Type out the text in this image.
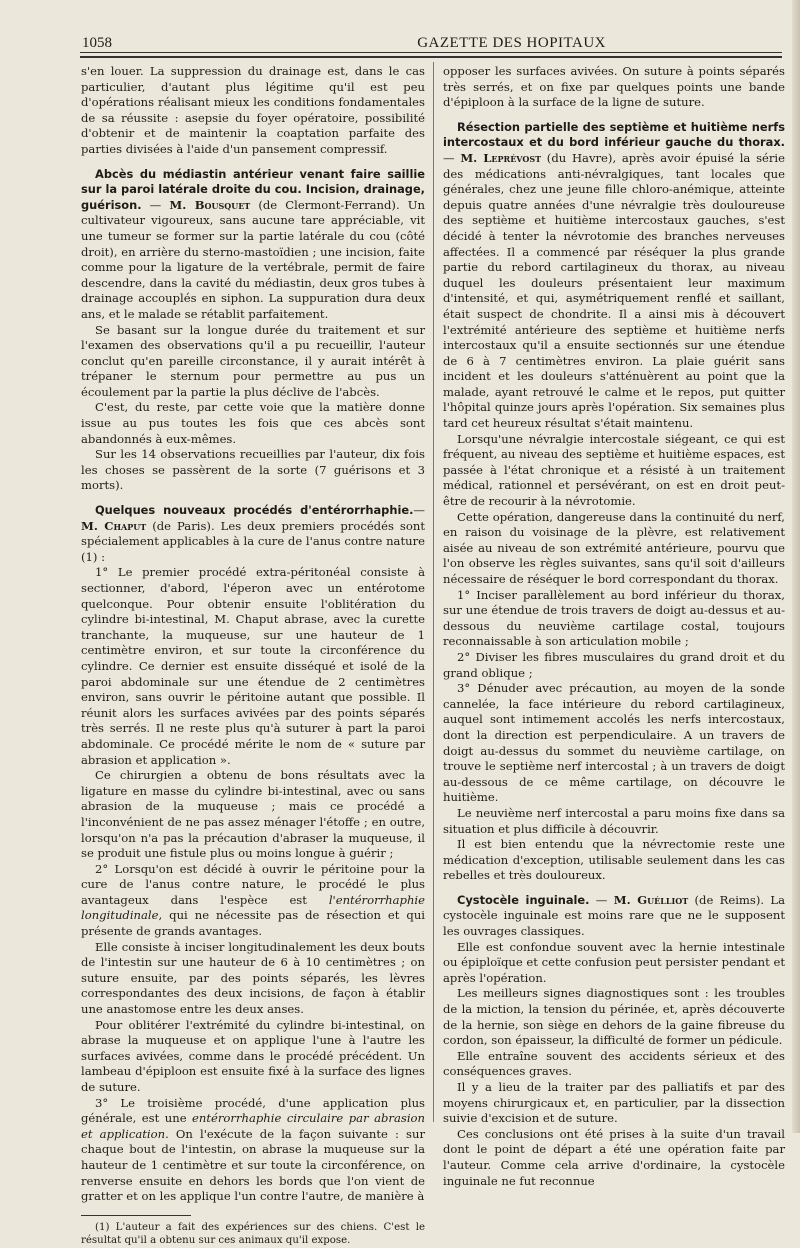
1058	GAZETTE DES HOPITAUX

s'en louer. La suppression du drainage est, dans le cas particulier, d'autant plus légitime qu'il est peu d'opérations réalisant mieux les conditions fondamentales de sa réussite : asepsie du foyer opératoire, possibilité d'obtenir et de maintenir la coaptation parfaite des parties divisées à l'aide d'un pansement compressif.

Abcès du médiastin antérieur venant faire saillie sur la paroi latérale droite du cou. Incision, drainage, guérison. — M. Bousquet (de Clermont-Ferrand). Un cultivateur vigoureux, sans aucune tare appréciable, vit une tumeur se former sur la partie latérale du cou (côté droit), en arrière du sterno-mastoïdien ; une incision, faite comme pour la ligature de la vertébrale, permit de faire descendre, dans la cavité du médiastin, deux gros tubes à drainage accouplés en siphon. La suppuration dura deux ans, et le malade se rétablit parfaitement.

Se basant sur la longue durée du traitement et sur l'examen des observations qu'il a pu recueillir, l'auteur conclut qu'en pareille circonstance, il y aurait intérêt à trépaner le sternum pour permettre au pus un écoulement par la partie la plus déclive de l'abcès.

C'est, du reste, par cette voie que la matière donne issue au pus toutes les fois que ces abcès sont abandonnés à eux-mêmes.

Sur les 14 observations recueillies par l'auteur, dix fois les choses se passèrent de la sorte (7 guérisons et 3 morts).

Quelques nouveaux procédés d'entérorrhaphie.— M. Chaput (de Paris). Les deux premiers procédés sont spécialement applicables à la cure de l'anus contre nature (1) :

1° Le premier procédé extra-péritonéal consiste à sectionner, d'abord, l'éperon avec un entérotome quelconque. Pour obtenir ensuite l'oblitération du cylindre bi-intestinal, M. Chaput abrase, avec la curette tranchante, la muqueuse, sur une hauteur de 1 centimètre environ, et sur toute la circonférence du cylindre. Ce dernier est ensuite disséqué et isolé de la paroi abdominale sur une étendue de 2 centimètres environ, sans ouvrir le péritoine autant que possible. Il réunit alors les surfaces avivées par des points séparés très serrés. Il ne reste plus qu'à suturer à part la paroi abdominale. Ce procédé mérite le nom de « suture par abrasion et application ».

Ce chirurgien a obtenu de bons résultats avec la ligature en masse du cylindre bi-intestinal, avec ou sans abrasion de la muqueuse ; mais ce procédé a l'inconvénient de ne pas assez ménager l'étoffe ; en outre, lorsqu'on n'a pas la précaution d'abraser la muqueuse, il se produit une fistule plus ou moins longue à guérir ;

2° Lorsqu'on est décidé à ouvrir le péritoine pour la cure de l'anus contre nature, le procédé le plus avantageux dans l'espèce est l'entérorrhaphie longitudinale, qui ne nécessite pas de résection et qui présente de grands avantages.

Elle consiste à inciser longitudinalement les deux bouts de l'intestin sur une hauteur de 6 à 10 centimètres ; on suture ensuite, par des points séparés, les lèvres correspondantes des deux incisions, de façon à établir une anastomose entre les deux anses.

Pour oblitérer l'extrémité du cylindre bi-intestinal, on abrase la muqueuse et on applique l'une à l'autre les surfaces avivées, comme dans le procédé précédent. Un lambeau d'épiploon est ensuite fixé à la surface des lignes de suture.

3° Le troisième procédé, d'une application plus générale, est une entérorrhaphie circulaire par abrasion et application. On l'exécute de la façon suivante : sur chaque bout de l'intestin, on abrase la muqueuse sur la hauteur de 1 centimètre et sur toute la circonférence, on renverse ensuite en dehors les bords que l'on vient de gratter et on les applique l'un contre l'autre, de manière à

(1) L'auteur a fait des expériences sur des chiens. C'est le résultat qu'il a obtenu sur ces animaux qu'il expose.

opposer les surfaces avivées. On suture à points séparés très serrés, et on fixe par quelques points une bande d'épiploon à la surface de la ligne de suture.

Résection partielle des septième et huitième nerfs intercostaux et du bord inférieur gauche du thorax. — M. Leprévost (du Havre), après avoir épuisé la série des médications anti-névralgiques, tant locales que générales, chez une jeune fille chloro-anémique, atteinte depuis quatre années d'une névralgie très douloureuse des septième et huitième intercostaux gauches, s'est décidé à tenter la névrotomie des branches nerveuses affectées. Il a commencé par réséquer la plus grande partie du rebord cartilagineux du thorax, au niveau duquel les douleurs présentaient leur maximum d'intensité, et qui, asymétriquement renflé et saillant, était suspect de chondrite. Il a ainsi mis à découvert l'extrémité antérieure des septième et huitième nerfs intercostaux qu'il a ensuite sectionnés sur une étendue de 6 à 7 centimètres environ. La plaie guérit sans incident et les douleurs s'atténuèrent au point que la malade, ayant retrouvé le calme et le repos, put quitter l'hôpital quinze jours après l'opération. Six semaines plus tard cet heureux résultat s'était maintenu.

Lorsqu'une névralgie intercostale siégeant, ce qui est fréquent, au niveau des septième et huitième espaces, est passée à l'état chronique et a résisté à un traitement médical, rationnel et persévérant, on est en droit peut-être de recourir à la névrotomie.

Cette opération, dangereuse dans la continuité du nerf, en raison du voisinage de la plèvre, est relativement aisée au niveau de son extrémité antérieure, pourvu que l'on observe les règles suivantes, sans qu'il soit d'ailleurs nécessaire de réséquer le bord correspondant du thorax.

1° Inciser parallèlement au bord inférieur du thorax, sur une étendue de trois travers de doigt au-dessus et au-dessous du neuvième cartilage costal, toujours reconnaissable à son articulation mobile ;

2° Diviser les fibres musculaires du grand droit et du grand oblique ;

3° Dénuder avec précaution, au moyen de la sonde cannelée, la face intérieure du rebord cartilagineux, auquel sont intimement accolés les nerfs intercostaux, dont la direction est perpendiculaire. A un travers de doigt au-dessus du sommet du neuvième cartilage, on trouve le septième nerf intercostal ; à un travers de doigt au-dessous de ce même cartilage, on découvre le huitième.

Le neuvième nerf intercostal a paru moins fixe dans sa situation et plus difficile à découvrir.

Il est bien entendu que la névrectomie reste une médication d'exception, utilisable seulement dans les cas rebelles et très douloureux.

Cystocèle inguinale. — M. Guélliot (de Reims). La cystocèle inguinale est moins rare que ne le supposent les ouvrages classiques.

Elle est confondue souvent avec la hernie intestinale ou épiploïque et cette confusion peut persister pendant et après l'opération.

Les meilleurs signes diagnostiques sont : les troubles de la miction, la tension du périnée, et, après découverte de la hernie, son siège en dehors de la gaine fibreuse du cordon, son épaisseur, la difficulté de former un pédicule.

Elle entraîne souvent des accidents sérieux et des conséquences graves.

Il y a lieu de la traiter par des palliatifs et par des moyens chirurgicaux et, en particulier, par la dissection suivie d'excision et de suture.

Ces conclusions ont été prises à la suite d'un travail dont le point de départ a été une opération faite par l'auteur. Comme cela arrive d'ordinaire, la cystocèle inguinale ne fut reconnue
